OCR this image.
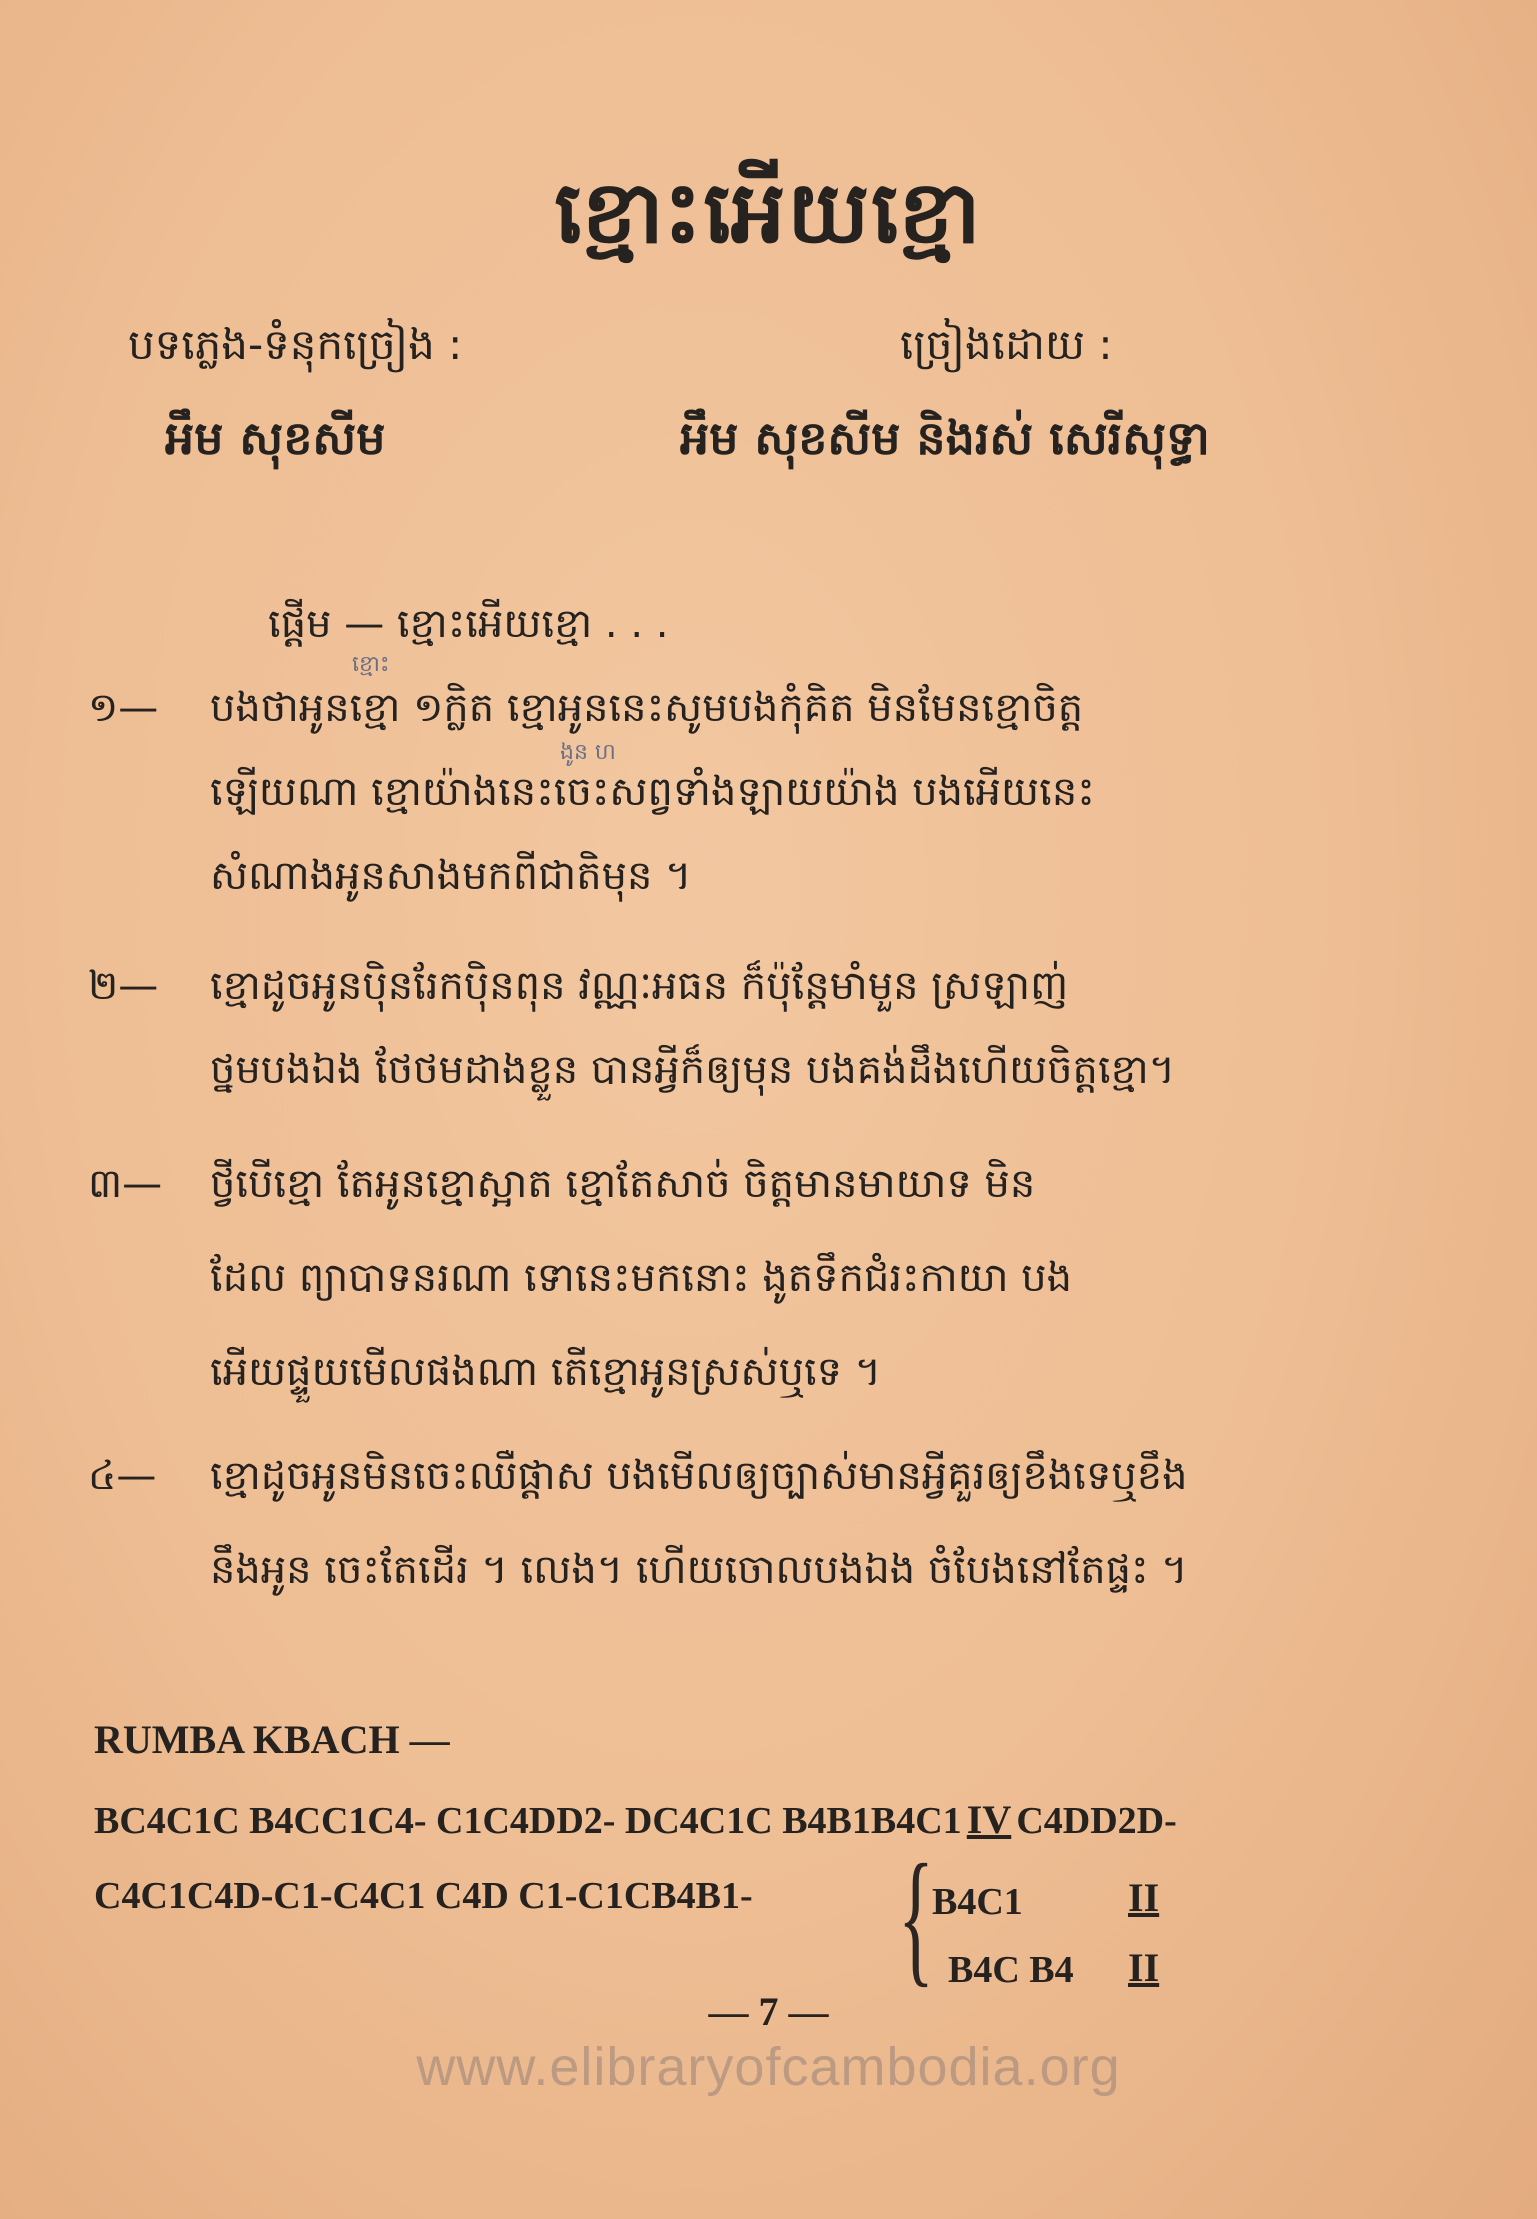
ខ្មោះអើយខ្មោ
បទភ្លេង-ទំនុកច្រៀង :	ច្រៀងដោយ :
អឹម សុខសីម	អឹម សុខសីម និងរស់ សេរីសុទ្ធា
ផ្ដើម — ខ្មោះអើយខ្មោ . . .
ខ្មោះ
ងូន ហ
១—	បងថាអូនខ្មោ ១ក្លិត ខ្មោអូននេះសូមបងកុំគិត មិនមែនខ្មោចិត្ត
ឡើយណា ខ្មោយ៉ាងនេះចេះសព្វទាំងឡាយយ៉ាង បងអើយនេះ
សំណាងអូនសាងមកពីជាតិមុន ។
២—	ខ្មោដូចអូនប៉ិនរែកប៉ិនពុន វណ្ណៈអធន ក៏ប៉ុន្តែមាំមួន ស្រឡាញ់
ថ្នមបងឯង ថែថមដាងខ្លួន បានអ្វីក៏ឲ្យមុន បងគង់ដឹងហើយចិត្តខ្មោ។
៣—	ថ្វីបើខ្មោ តែអូនខ្មោស្អាត ខ្មោតែសាច់ ចិត្តមានមាយាទ មិន
ដែល ព្យាបាទនរណា ទោនេះមកនោះ ងូតទឹកជំរះកាយា បង
អើយផ្ទួយមើលផងណា តើខ្មោអូនស្រស់ឬទេ ។
៤—	ខ្មោដូចអូនមិនចេះឈឺផ្ដាស បងមើលឲ្យច្បាស់មានអ្វីគួរឲ្យខឹងទេឬខឹង
នឹងអូន ចេះតែដើរ ។ លេង។ ហើយចោលបងឯង ចំបែងនៅតែផ្ទះ ។
RUMBA KBACH —
BC4C1C B4CC1C4- C1C4DD2- DC4C1C B4B1B4C1 IV C4DD2D-
C4C1C4D-C1-C4C1 C4D C1-C1CB4B1- {
B4C1	II
B4C B4 II
— 7 —
www.elibraryofcambodia.org
